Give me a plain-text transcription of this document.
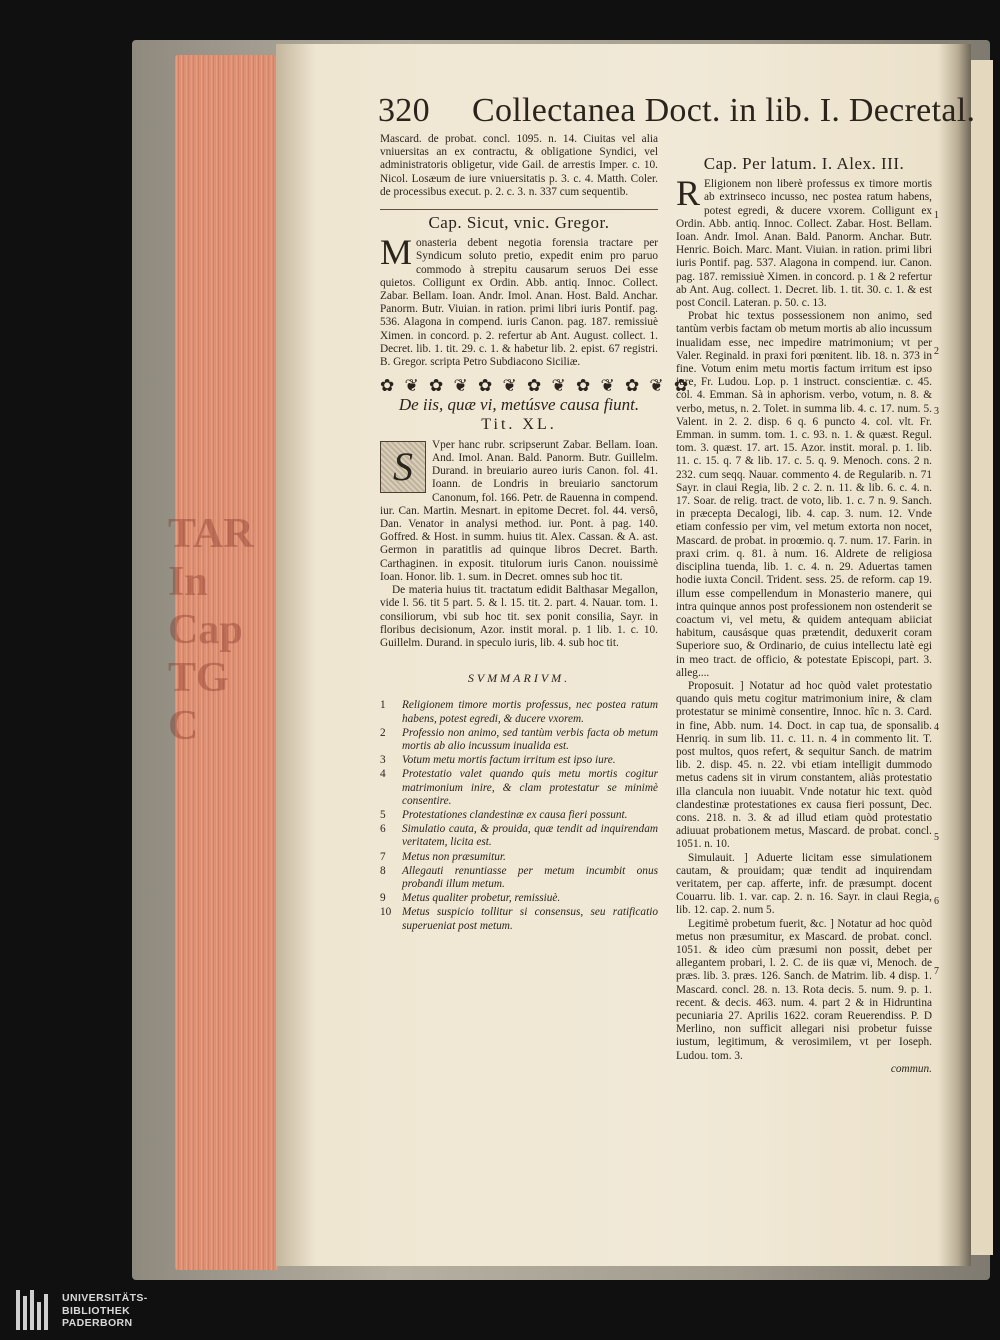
TAR
In
Cap
TG
C
320 Collectanea Doct. in lib. I. Decretal.

Mascard. de probat. concl. 1095. n. 14. Ciuitas vel alia vniuersitas an ex contractu, & obligatione Syndici, vel administratoris obligetur, vide Gail. de arrestis Imper. c. 10. Nicol. Losæum de iure vniuersitatis p. 3. c. 4. Matth. Coler. de processibus execut. p. 2. c. 3. n. 337 cum sequentib.

Cap. Sicut, vnic. Gregor.

Monasteria debent negotia forensia tractare per Syndicum soluto pretio, expedit enim pro paruo commodo à strepitu causarum seruos Dei esse quietos. Colligunt ex Ordin. Abb. antiq. Innoc. Collect. Zabar. Bellam. Ioan. Andr. Imol. Anan. Host. Bald. Anchar. Panorm. Butr. Viuian. in ration. primi libri iuris Pontif. pag. 536. Alagona in compend. iuris Canon. pag. 187. remissiuè Ximen. in concord. p. 2. refertur ab Ant. August. collect. 1. Decret. lib. 1. tit. 29. c. 1. & habetur lib. 2. epist. 67 registri. B. Gregor. scripta Petro Subdiacono Siciliæ.

✿ ❦ ✿ ❦ ✿ ❦ ✿ ❦ ✿ ❦ ✿ ❦ ✿
De iis, quæ vi, metúsve causa fiunt.
Tit. XL.

S	Vper hanc rubr. scripserunt Zabar. Bellam. Ioan. And. Imol. Anan. Bald. Panorm. Butr. Guillelm. Durand. in breuiario aureo iuris Canon. fol. 41. Ioann. de Londris in breuiario sanctorum Canonum, fol. 166. Petr. de Rauenna in compend. iur. Can. Martin. Mesnart. in epitome Decret. fol. 44. versô, Dan. Venator in analysi method. iur. Pont. à pag. 140. Goffred. & Host. in summ. huius tit. Alex. Cassan. & A. ast. Germon in paratitlis ad quinque libros Decret. Barth. Carthaginen. in exposit. titulorum iuris Canon. nouissimè Ioan. Honor. lib. 1. sum. in Decret. omnes sub hoc tit.

De materia huius tit. tractatum edidit Balthasar Megallon, vide l. 56. tit 5 part. 5. & l. 15. tit. 2. part. 4. Nauar. tom. 1. consiliorum, vbi sub hoc tit. sex ponit consilia, Sayr. in floribus decisionum, Azor. instit moral. p. 1 lib. 1. c. 10. Guillelm. Durand. in speculo iuris, lib. 4. sub hoc tit.

SVMMARIVM.
1	Religionem timore mortis professus, nec postea ratum habens, potest egredi, & ducere vxorem.
2	Professio non animo, sed tantùm verbis facta ob metum mortis ab alio incussum inualida est.
3	Votum metu mortis factum irritum est ipso iure.
4	Protestatio valet quando quis metu mortis cogitur matrimonium inire, & clam protestatur se minimè consentire.
5	Protestationes clandestinæ ex causa fieri possunt.
6	Simulatio cauta, & prouida, quæ tendit ad inquirendam veritatem, licita est.
7	Metus non præsumitur.
8	Allegauti renuntiasse per metum incumbit onus probandi illum metum.
9	Metus qualiter probetur, remissiuè.
10 Metus suspicio tollitur si consensus, seu ratificatio superueniat post metum.
Cap. Per latum. I. Alex. III.

R Eligionem non liberè professus ex timore mortis ab extrinseco incusso, nec postea ratum habens, potest egredi, & ducere vxorem. Colligunt ex Ordin. Abb. antiq. Innoc. Collect. Zabar. Host. Bellam. Ioan. Andr. Imol. Anan. Bald. Panorm. Anchar. Butr. Henric. Boich. Marc. Mant. Viuian. in ration. primi libri iuris Pontif. pag. 537. Alagona in compend. iur. Canon. pag. 187. remissiuè Ximen. in concord. p. 1 & 2 refertur ab Ant. Aug. collect. 1. Decret. lib. 1. tit. 30. c. 1. & est post Concil. Lateran. p. 50. c. 13.

Probat hic textus possessionem non animo, sed tantùm verbis factam ob metum mortis ab alio incussum inualidam esse, nec impedire matrimonium; vt per Valer. Reginald. in praxi fori pœnitent. lib. 18. n. 373 in fine. Votum enim metu mortis factum irritum est ipso iure, Fr. Ludou. Lop. p. 1 instruct. conscientiæ. c. 45. col. 4. Emman. Sà in aphorism. verbo, votum, n. 8. & verbo, metus, n. 2. Tolet. in summa lib. 4. c. 17. num. 5. Valent. in 2. 2. disp. 6 q. 6 puncto 4. col. vlt. Fr. Emman. in summ. tom. 1. c. 93. n. 1. & quæst. Regul. tom. 3. quæst. 17. art. 15. Azor. instit. moral. p. 1. lib. 11. c. 15. q. 7 & lib. 17. c. 5. q. 9. Menoch. cons. 2 n. 232. cum seqq. Nauar. commento 4. de Regularib. n. 71 Sayr. in claui Regia, lib. 2 c. 2. n. 11. & lib. 6. c. 4. n. 17. Soar. de relig. tract. de voto, lib. 1. c. 7 n. 9. Sanch. in præcepta Decalogi, lib. 4. cap. 3. num. 12. Vnde etiam confessio per vim, vel metum extorta non nocet, Mascard. de probat. in proœmio. q. 7. num. 17. Farin. in praxi crim. q. 81. à num. 16. Aldrete de religiosa disciplina tuenda, lib. 1. c. 4. n. 29. Aduertas tamen hodie iuxta Concil. Trident. sess. 25. de reform. cap 19. illum esse compellendum in Monasterio manere, qui intra quinque annos post professionem non ostenderit se coactum vi, vel metu, & quidem antequam abiiciat habitum, causásque quas prætendit, deduxerit coram Superiore suo, & Ordinario, de cuius intellectu latè egi in meo tract. de officio, & potestate Episcopi, part. 3. alleg....

Proposuit. ] Notatur ad hoc quòd valet protestatio quando quis metu cogitur matrimonium inire, & clam protestatur se minimè consentire, Innoc. hîc n. 3. Card. in fine, Abb. num. 14. Doct. in cap tua, de sponsalib. Henriq. in sum lib. 11. c. 11. n. 4 in commento lit. T. post multos, quos refert, & sequitur Sanch. de matrim lib. 2. disp. 45. n. 22. vbi etiam intelligit dummodo metus cadens sit in virum constantem, aliàs protestatio illa clancula non iuuabit. Vnde notatur hic text. quòd clandestinæ protestationes ex causa fieri possunt, Dec. cons. 218. n. 3. & ad illud etiam quòd protestatio adiuuat probationem metus, Mascard. de probat. concl. 1051. n. 10.

Simulauit. ] Aduerte licitam esse simulationem cautam, & prouidam; quæ tendit ad inquirendam veritatem, per cap. afferte, infr. de præsumpt. docent Couarru. lib. 1. var. cap. 2. n. 16. Sayr. in claui Regia, lib. 12. cap. 2. num 5.

Legitimè probetum fuerit, &c. ] Notatur ad hoc quòd metus non præsumitur, ex Mascard. de probat. concl. 1051. & ideo cùm præsumi non possit, debet per allegantem probari, l. 2. C. de iis quæ vi, Menoch. de præs. lib. 3. præs. 126. Sanch. de Matrim. lib. 4 disp. 1. Mascard. concl. 28. n. 13. Rota decis. 5. num. 9. p. 1. recent. & decis. 463. num. 4. part 2 & in Hidruntina pecuniaria 27. Aprilis 1622. coram Reuerendiss. P. D Merlino, non sufficit allegari nisi probetur fuisse iustum, legitimum, & verosimilem, vt per Ioseph. Ludou. tom. 3.

commun.

1
2
3
4
5
6
7
UNIVERSITÄTS-
BIBLIOTHEK
PADERBORN
